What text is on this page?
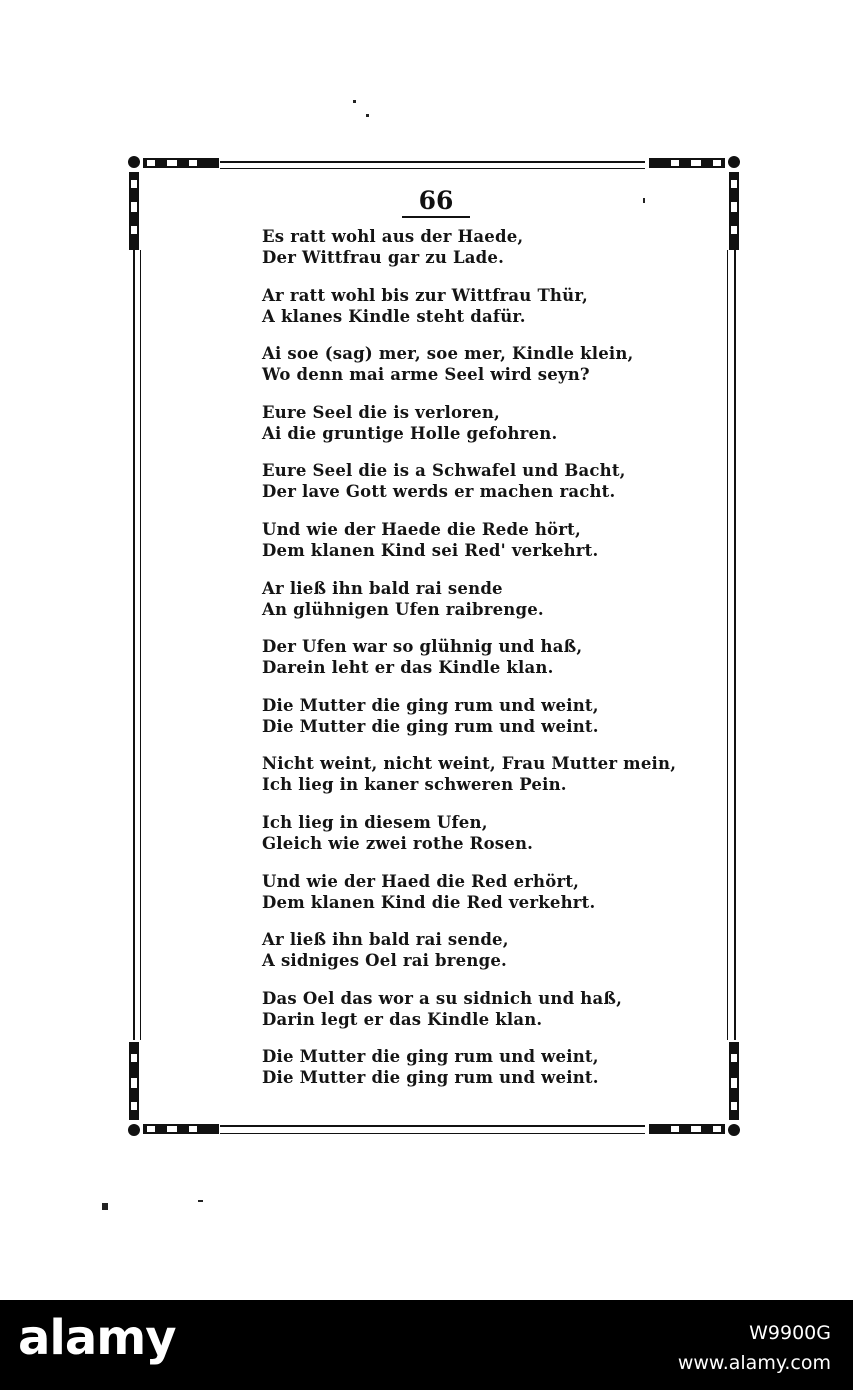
66
Es ratt wohl aus der Haede,
Der Wittfrau gar zu Lade.
Ar ratt wohl bis zur Wittfrau Thür,
A klanes Kindle steht dafür.
Ai soe (sag) mer, soe mer, Kindle klein,
Wo denn mai arme Seel wird seyn?
Eure Seel die is verloren,
Ai die gruntige Holle gefohren.
Eure Seel die is a Schwafel und Bacht,
Der lave Gott werds er machen racht.
Und wie der Haede die Rede hört,
Dem klanen Kind sei Red' verkehrt.
Ar ließ ihn bald rai sende
An glühnigen Ufen raibrenge.
Der Ufen war so glühnig und haß,
Darein leht er das Kindle klan.
Die Mutter die ging rum und weint,
Die Mutter die ging rum und weint.
Nicht weint, nicht weint, Frau Mutter mein,
Ich lieg in kaner schweren Pein.
Ich lieg in diesem Ufen,
Gleich wie zwei rothe Rosen.
Und wie der Haed die Red erhört,
Dem klanen Kind die Red verkehrt.
Ar ließ ihn bald rai sende,
A sidniges Oel rai brenge.
Das Oel das wor a su sidnich und haß,
Darin legt er das Kindle klan.
Die Mutter die ging rum und weint,
Die Mutter die ging rum und weint.
alamy	W9900G
www.alamy.com
